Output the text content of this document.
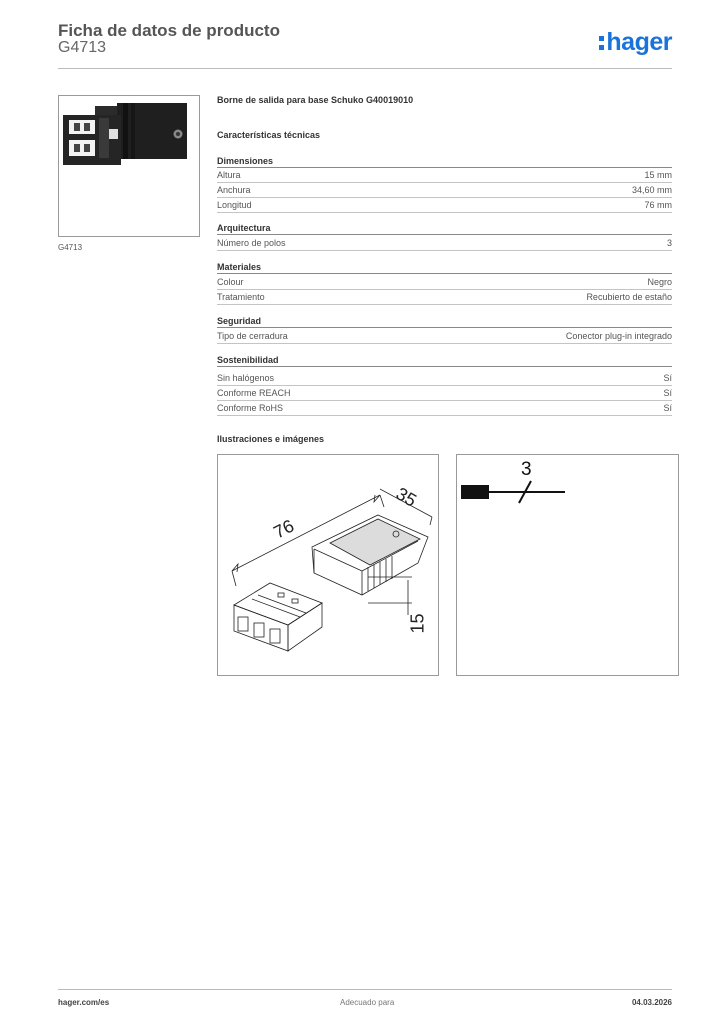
Ficha de datos de producto
G4713	hager
G4713
Borne de salida para base Schuko G40019010
Características técnicas
Dimensiones
Altura	15 mm
Anchura	34,60 mm
Longitud	76 mm
Arquitectura
Número de polos	3
Materiales
Colour	Negro
Tratamiento	Recubierto de estaño
Seguridad
Tipo de cerradura	Conector plug-in integrado
Sostenibilidad
Sin halógenos	Sí
Conforme REACH	Sí
Conforme RoHS	Sí
Ilustraciones e imágenes
76
35
15
3
hager.com/es	Adecuado para	04.03.2026
